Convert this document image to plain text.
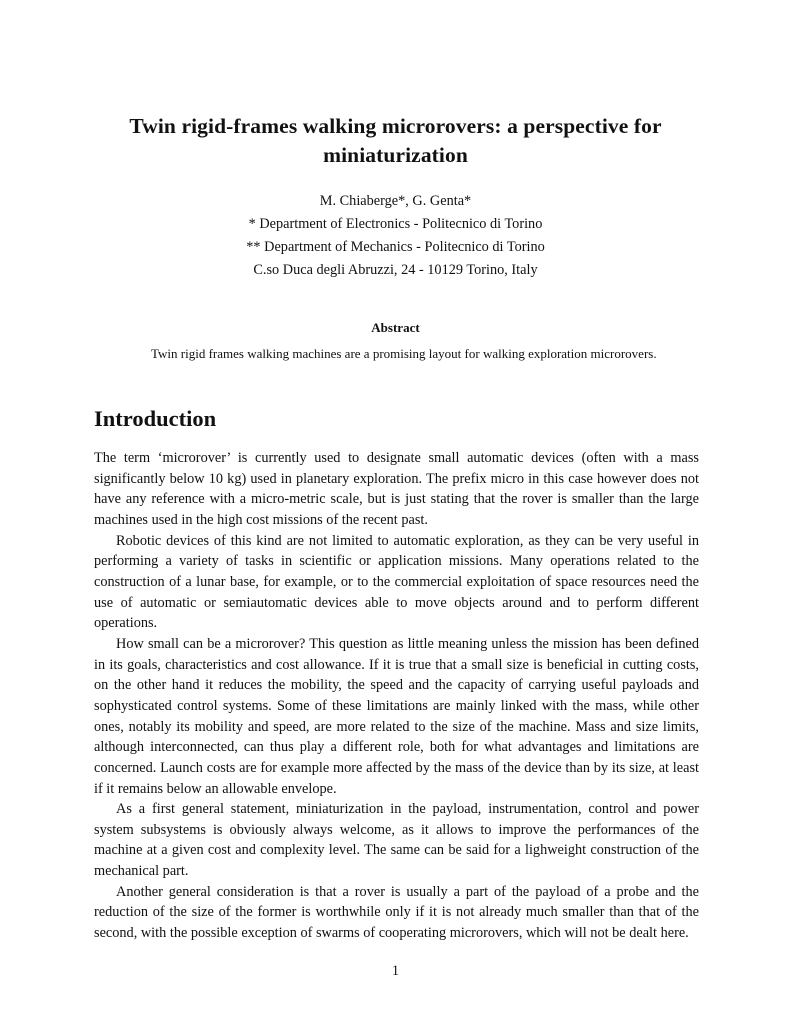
Twin rigid-frames walking microrovers: a perspective for miniaturization
M. Chiaberge*, G. Genta*
* Department of Electronics - Politecnico di Torino
** Department of Mechanics - Politecnico di Torino
C.so Duca degli Abruzzi, 24 - 10129 Torino, Italy
Abstract
Twin rigid frames walking machines are a promising layout for walking exploration microrovers.
Introduction

The term ‘microrover’ is currently used to designate small automatic devices (often with a mass significantly below 10 kg) used in planetary exploration. The prefix micro in this case however does not have any reference with a micro-metric scale, but is just stating that the rover is smaller than the large machines used in the high cost missions of the recent past.

Robotic devices of this kind are not limited to automatic exploration, as they can be very useful in performing a variety of tasks in scientific or application missions. Many operations related to the construction of a lunar base, for example, or to the commercial exploitation of space resources need the use of automatic or semiautomatic devices able to move objects around and to perform different operations.

How small can be a microrover? This question as little meaning unless the mission has been defined in its goals, characteristics and cost allowance. If it is true that a small size is beneficial in cutting costs, on the other hand it reduces the mobility, the speed and the capacity of carrying useful payloads and sophysticated control systems. Some of these limitations are mainly linked with the mass, while other ones, notably its mobility and speed, are more related to the size of the machine. Mass and size limits, although interconnected, can thus play a different role, both for what advantages and limitations are concerned. Launch costs are for example more affected by the mass of the device than by its size, at least if it remains below an allowable envelope.

As a first general statement, miniaturization in the payload, instrumentation, control and power system subsystems is obviously always welcome, as it allows to improve the performances of the machine at a given cost and complexity level. The same can be said for a lighweight construction of the mechanical part.

Another general consideration is that a rover is usually a part of the payload of a probe and the reduction of the size of the former is worthwhile only if it is not already much smaller than that of the second, with the possible exception of swarms of cooperating microrovers, which will not be dealt here.

1
